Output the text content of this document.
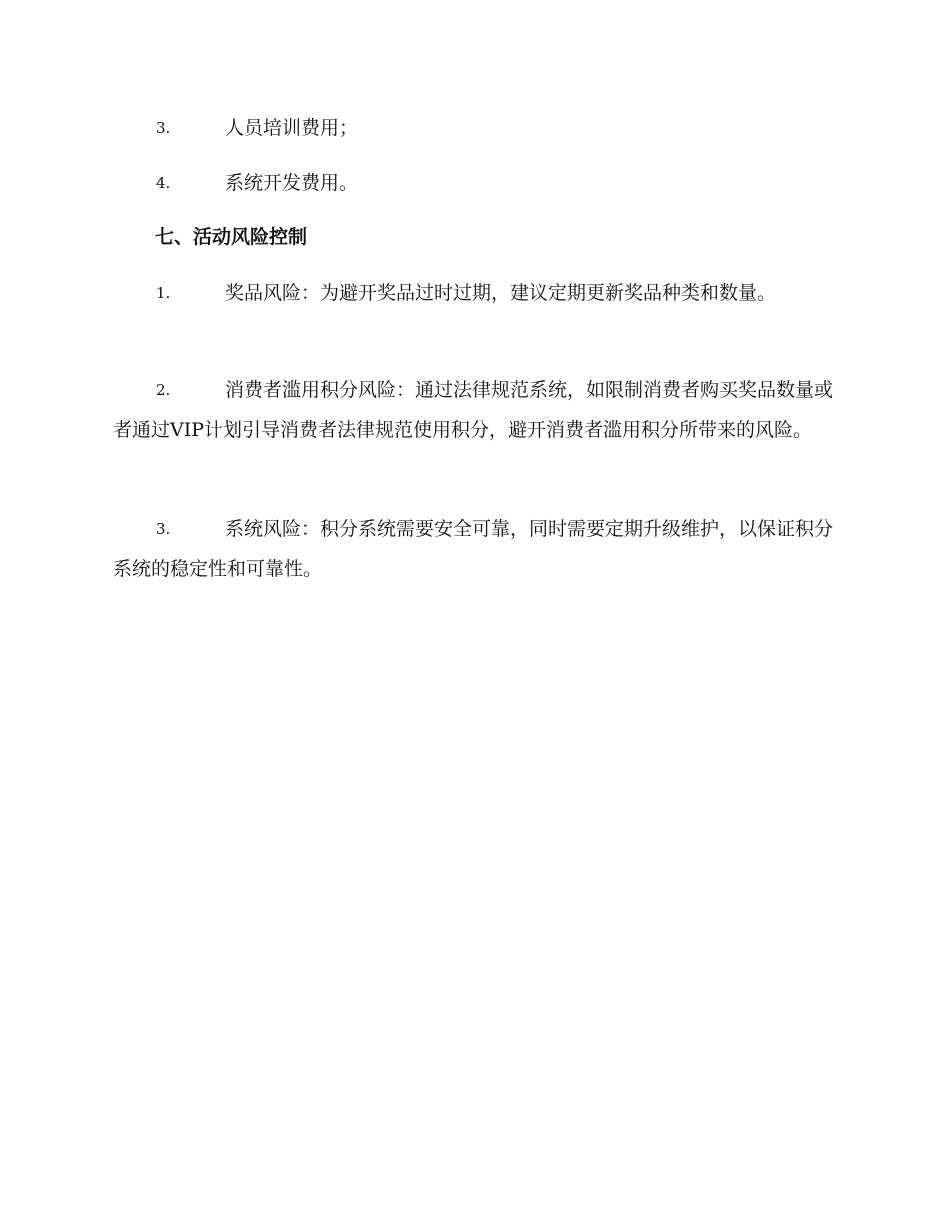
3.	人员培训费用；
4.	系统开发费用。
七、活动风险控制
1.	奖品风险：为避开奖品过时过期，建议定期更新奖品种类和数量。
2.	消费者滥用积分风险：通过法律规范系统，如限制消费者购买奖品数量或者通过VIP计划引导消费者法律规范使用积分，避开消费者滥用积分所带来的风险。
3.	系统风险：积分系统需要安全可靠，同时需要定期升级维护，以保证积分系统的稳定性和可靠性。
